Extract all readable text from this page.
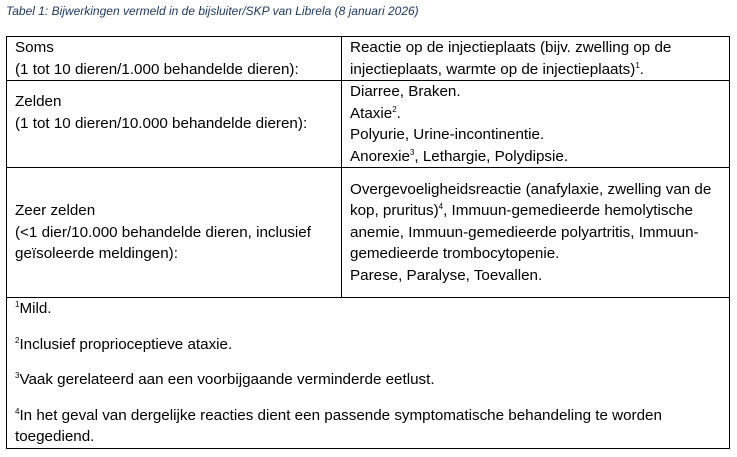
Tabel 1: Bijwerkingen vermeld in de bijsluiter/SKP van Librela (8 januari 2026)
Soms
(1 tot 10 dieren/1.000 behandelde dieren):	Reactie op de injectieplaats (bijv. zwelling op de injectieplaats, warmte op de injectieplaats)$^1$.

Zelden
(1 tot 10 dieren/10.000 behandelde dieren):	Diarree, Braken.
Ataxie$^2$.
Polyurie, Urine-incontinentie.
Anorexie$^3$, Lethargie, Polydipsie.

Zeer zelden
(<1 dier/10.000 behandelde dieren, inclusief geïsoleerde meldingen):	Overgevoeligheidsreactie (anafylaxie, zwelling van de kop, pruritus)$^4$, Immuun-gemedieerde hemolytische anemie, Immuun-gemedieerde polyartritis, Immuun-gemedieerde trombocytopenie.
Parese, Paralyse, Toevallen.

$^1$Mild.
$^2$Inclusief proprioceptieve ataxie.
$^3$Vaak gerelateerd aan een voorbijgaande verminderde eetlust.
$^4$In het geval van dergelijke reacties dient een passende symptomatische behandeling te worden toegediend.	
